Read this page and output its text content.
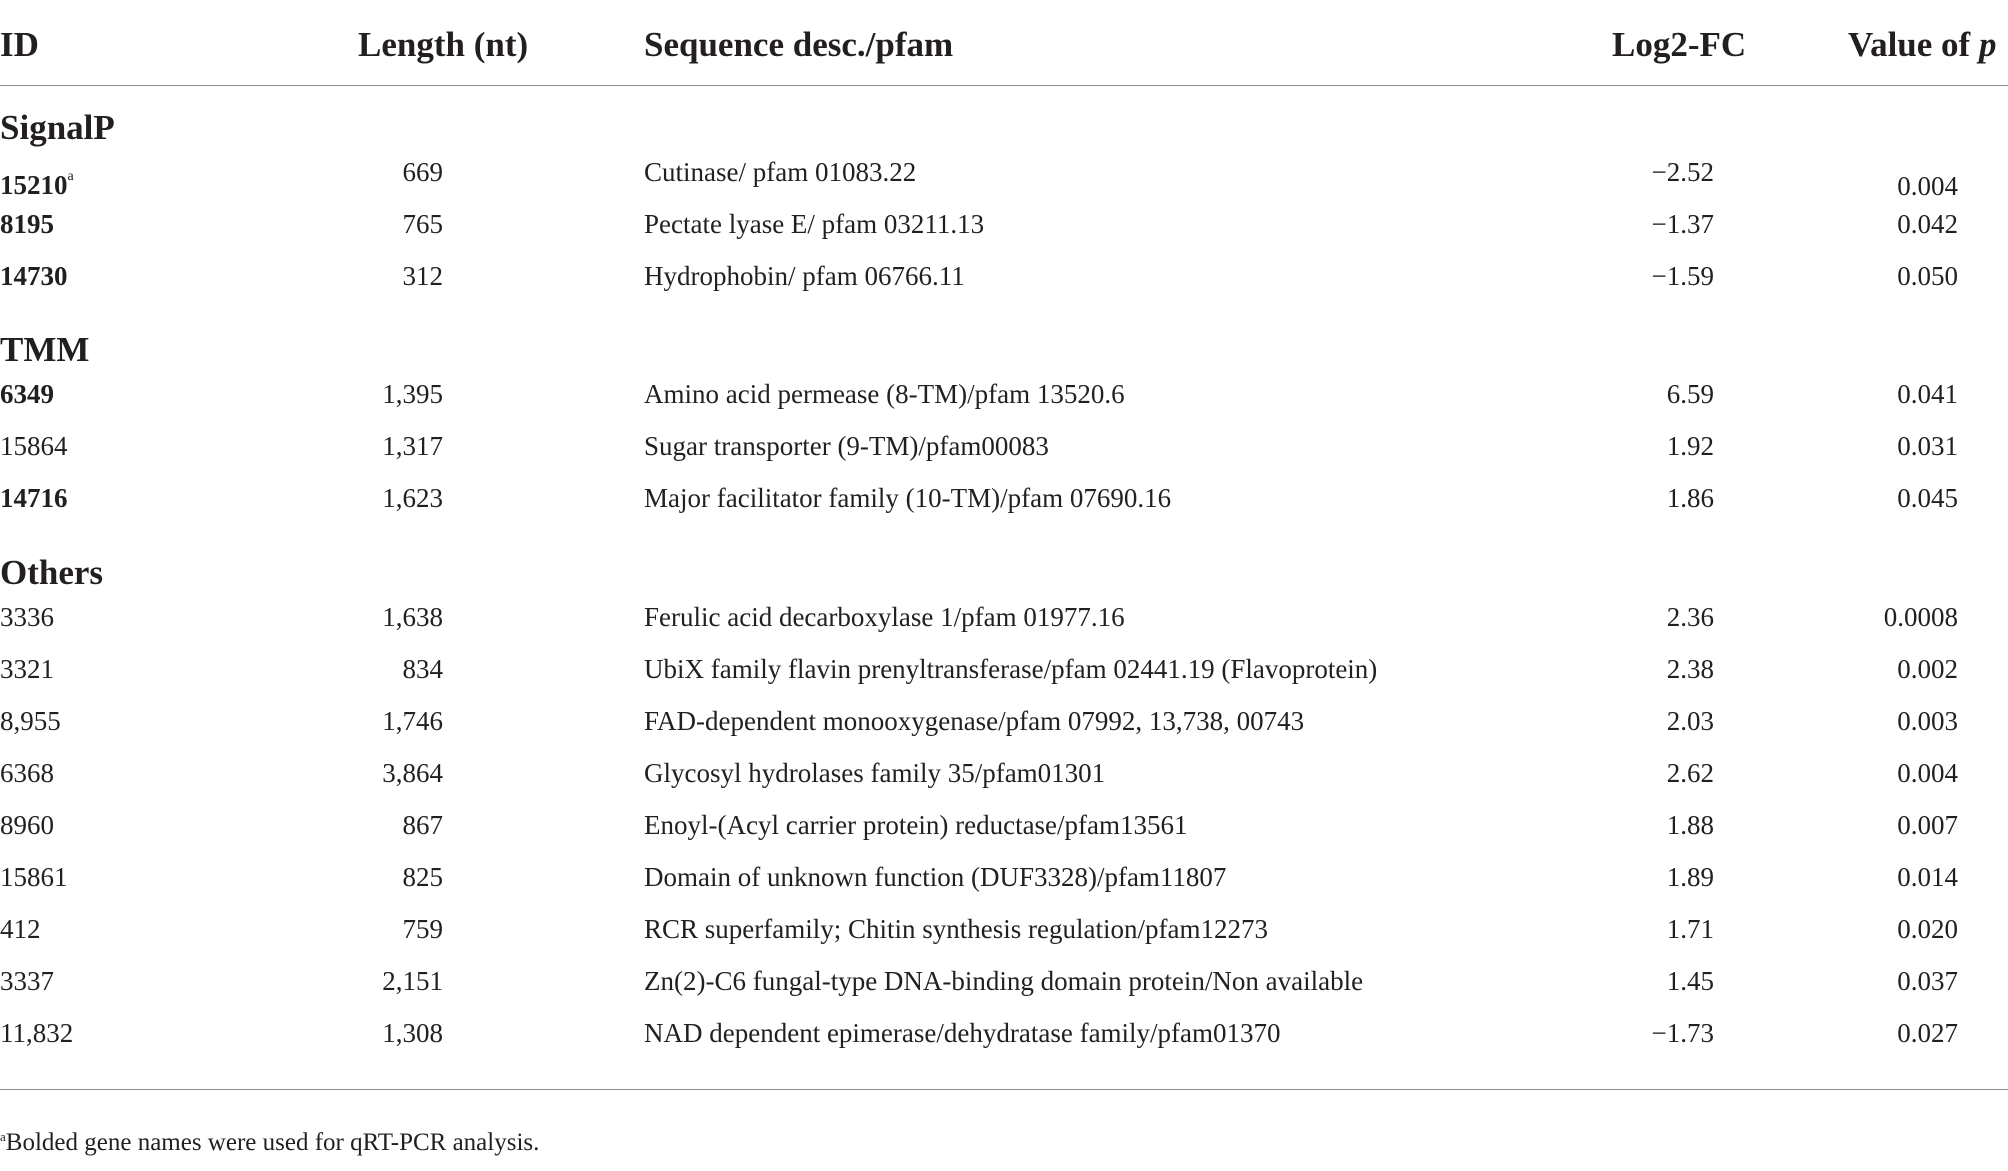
ID	Length (nt)	Sequence desc./pfam	Log2-FC	Value of p
SignalP
15210$^a$	669	Cutinase/ pfam 01083.22	−2.52	0.004
8195	765	Pectate lyase E/ pfam 03211.13	−1.37	0.042
14730	312	Hydrophobin/ pfam 06766.11	−1.59	0.050
TMM
6349	1,395	Amino acid permease (8-TM)/pfam 13520.6	6.59	0.041
15864	1,317	Sugar transporter (9-TM)/pfam00083	1.92	0.031
14716	1,623	Major facilitator family (10-TM)/pfam 07690.16	1.86	0.045
Others
3336	1,638	Ferulic acid decarboxylase 1/pfam 01977.16	2.36	0.0008
3321	834	UbiX family flavin prenyltransferase/pfam 02441.19 (Flavoprotein)	2.38	0.002
8,955	1,746	FAD-dependent monooxygenase/pfam 07992, 13,738, 00743	2.03	0.003
6368	3,864	Glycosyl hydrolases family 35/pfam01301	2.62	0.004
8960	867	Enoyl-(Acyl carrier protein) reductase/pfam13561	1.88	0.007
15861	825	Domain of unknown function (DUF3328)/pfam11807	1.89	0.014
412	759	RCR superfamily; Chitin synthesis regulation/pfam12273	1.71	0.020
3337	2,151	Zn(2)-C6 fungal-type DNA-binding domain protein/Non available	1.45	0.037
11,832	1,308	NAD dependent epimerase/dehydratase family/pfam01370	−1.73	0.027
$^a$Bolded gene names were used for qRT-PCR analysis.
